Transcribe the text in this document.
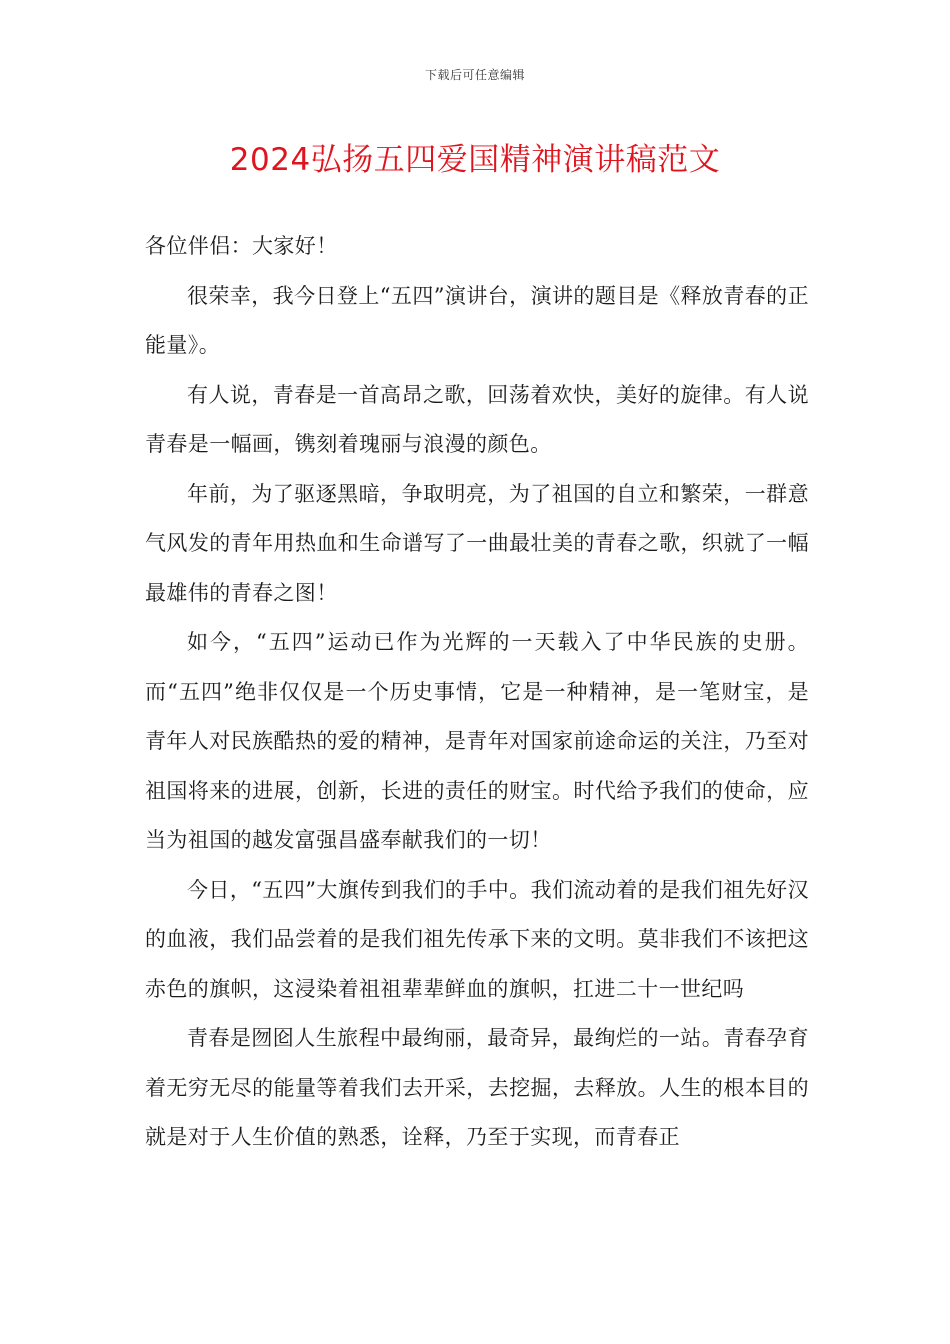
下载后可任意编辑
2024弘扬五四爱国精神演讲稿范文

各位伴侣：大家好！

很荣幸，我今日登上“五四”演讲台，演讲的题目是《释放青春的正能量》。

有人说，青春是一首高昂之歌，回荡着欢快，美好的旋律。有人说青春是一幅画，镌刻着瑰丽与浪漫的颜色。

年前，为了驱逐黑暗，争取明亮，为了祖国的自立和繁荣，一群意气风发的青年用热血和生命谱写了一曲最壮美的青春之歌，织就了一幅最雄伟的青春之图！

如今，“五四”运动已作为光辉的一天载入了中华民族的史册。而“五四”绝非仅仅是一个历史事情，它是一种精神，是一笔财宝，是青年人对民族酷热的爱的精神，是青年对国家前途命运的关注，乃至对祖国将来的进展，创新，长进的责任的财宝。时代给予我们的使命，应当为祖国的越发富强昌盛奉献我们的一切！

今日，“五四”大旗传到我们的手中。我们流动着的是我们祖先好汉的血液，我们品尝着的是我们祖先传承下来的文明。莫非我们不该把这赤色的旗帜，这浸染着祖祖辈辈鲜血的旗帜，扛进二十一世纪吗

青春是囫囵人生旅程中最绚丽，最奇异，最绚烂的一站。青春孕育着无穷无尽的能量等着我们去开采，去挖掘，去释放。人生的根本目的就是对于人生价值的熟悉，诠释，乃至于实现，而青春正
